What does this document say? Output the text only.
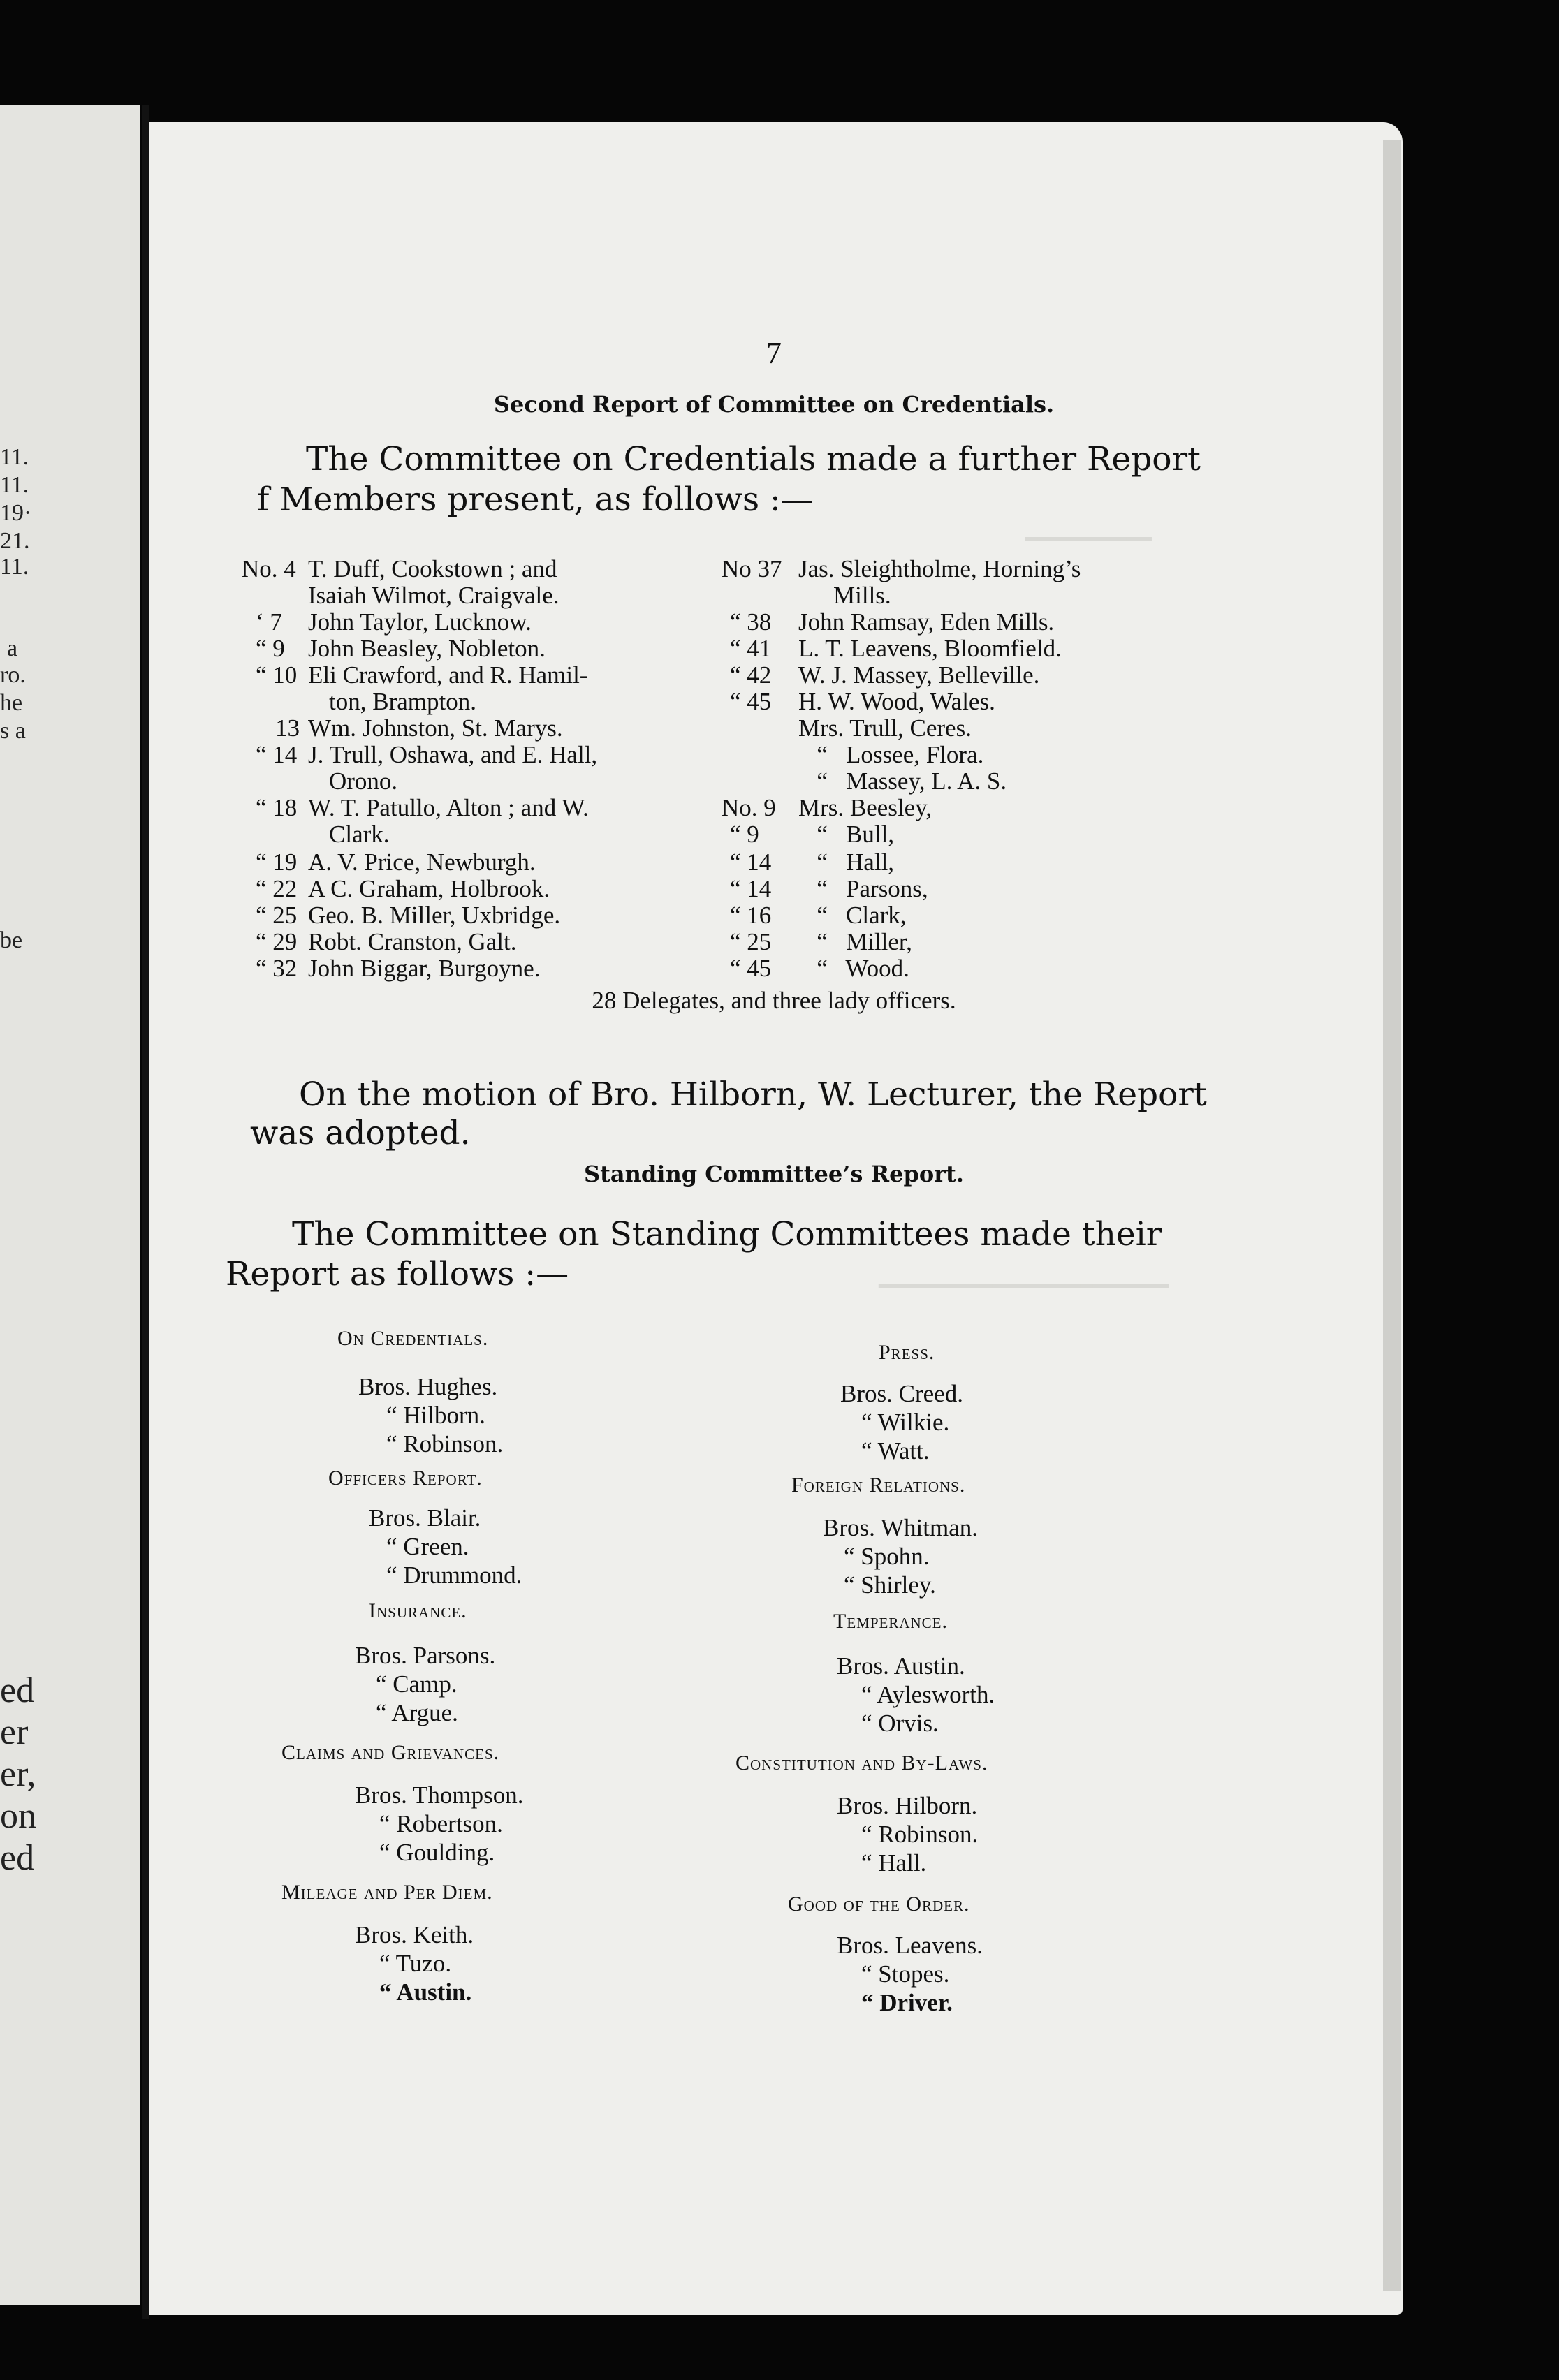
11.
11.
19·
21.
11.
a
ro.
he
s a
be
ed
er
er,
on
ed
━━━━━━━━━━
━━━━━━━━━━━━━━━━━━━━━━━
7
Second Report of Committee on Credentials.
The Committee on Credentials made a further Report
f Members present, as follows :—
No. 4 T. Duff, Cookstown ; and
Isaiah Wilmot, Craigvale.
‘ 7 John Taylor, Lucknow.
“ 9 John Beasley, Nobleton.
“ 10 Eli Crawford, and R. Hamil-
ton, Brampton.
13 Wm. Johnston, St. Marys.
“ 14 J. Trull, Oshawa, and E. Hall,
Orono.
“ 18 W. T. Patullo, Alton ; and W.
Clark.
“ 19 A. V. Price, Newburgh.
“ 22 A C. Graham, Holbrook.
“ 25 Geo. B. Miller, Uxbridge.
“ 29 Robt. Cranston, Galt.
“ 32 John Biggar, Burgoyne.
No 37 Jas. Sleightholme, Horning’s
Mills.
“ 38 John Ramsay, Eden Mills.
“ 41 L. T. Leavens, Bloomfield.
“ 42 W. J. Massey, Belleville.
“ 45 H. W. Wood, Wales.
Mrs. Trull, Ceres.
“   Lossee, Flora.
“   Massey, L. A. S.
No. 9 Mrs. Beesley,
“ 9 “   Bull,
“ 14 “   Hall,
“ 14 “   Parsons,
“ 16 “   Clark,
“ 25 “   Miller,
“ 45 “   Wood.
28 Delegates, and three lady officers.
On the motion of Bro. Hilborn, W. Lecturer, the Report
was adopted.
Standing Committee’s Report.
The Committee on Standing Committees made their
Report as follows :—
On Credentials.
Bros. Hughes.
“ Hilborn.
“ Robinson.
Officers Report.
Bros. Blair.
“ Green.
“ Drummond.
Insurance.
Bros. Parsons.
“ Camp.
“ Argue.
Claims and Grievances.
Bros. Thompson.
“ Robertson.
“ Goulding.
Mileage and Per Diem.
Bros. Keith.
“ Tuzo.
“ Austin.
Press.
Bros. Creed.
“ Wilkie.
“ Watt.
Foreign Relations.
Bros. Whitman.
“ Spohn.
“ Shirley.
Temperance.
Bros. Austin.
“ Aylesworth.
“ Orvis.
Constitution and By-Laws.
Bros. Hilborn.
“ Robinson.
“ Hall.
Good of the Order.
Bros. Leavens.
“ Stopes.
“ Driver.
